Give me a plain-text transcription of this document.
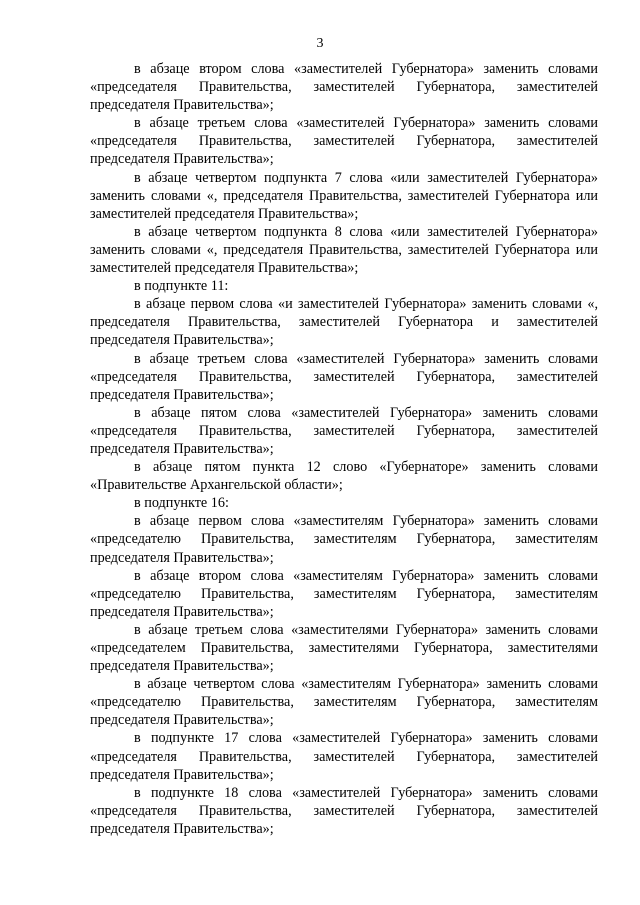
3

в абзаце втором слова «заместителей Губернатора» заменить словами «председателя Правительства, заместителей Губернатора, заместителей председателя Правительства»;

в абзаце третьем слова «заместителей Губернатора» заменить словами «председателя Правительства, заместителей Губернатора, заместителей председателя Правительства»;

в абзаце четвертом подпункта 7 слова «или заместителей Губернатора» заменить словами «, председателя Правительства, заместителей Губернатора или заместителей председателя Правительства»;

в абзаце четвертом подпункта 8 слова «или заместителей Губернатора» заменить словами «, председателя Правительства, заместителей Губернатора или заместителей председателя Правительства»;

в подпункте 11:

в абзаце первом слова «и заместителей Губернатора» заменить словами «, председателя Правительства, заместителей Губернатора и заместителей председателя Правительства»;

в абзаце третьем слова «заместителей Губернатора» заменить словами «председателя Правительства, заместителей Губернатора, заместителей председателя Правительства»;

в абзаце пятом слова «заместителей Губернатора» заменить словами «председателя Правительства, заместителей Губернатора, заместителей председателя Правительства»;

в абзаце пятом пункта 12 слово «Губернаторе» заменить словами «Правительстве Архангельской области»;

в подпункте 16:

в абзаце первом слова «заместителям Губернатора» заменить словами «председателю Правительства, заместителям Губернатора, заместителям председателя Правительства»;

в абзаце втором слова «заместителям Губернатора» заменить словами «председателю Правительства, заместителям Губернатора, заместителям председателя Правительства»;

в абзаце третьем слова «заместителями Губернатора» заменить словами «председателем Правительства, заместителями Губернатора, заместителями председателя Правительства»;

в абзаце четвертом слова «заместителям Губернатора» заменить словами «председателю Правительства, заместителям Губернатора, заместителям председателя Правительства»;

в подпункте 17 слова «заместителей Губернатора» заменить словами «председателя Правительства, заместителей Губернатора, заместителей председателя Правительства»;

в подпункте 18 слова «заместителей Губернатора» заменить словами «председателя Правительства, заместителей Губернатора, заместителей председателя Правительства»;
